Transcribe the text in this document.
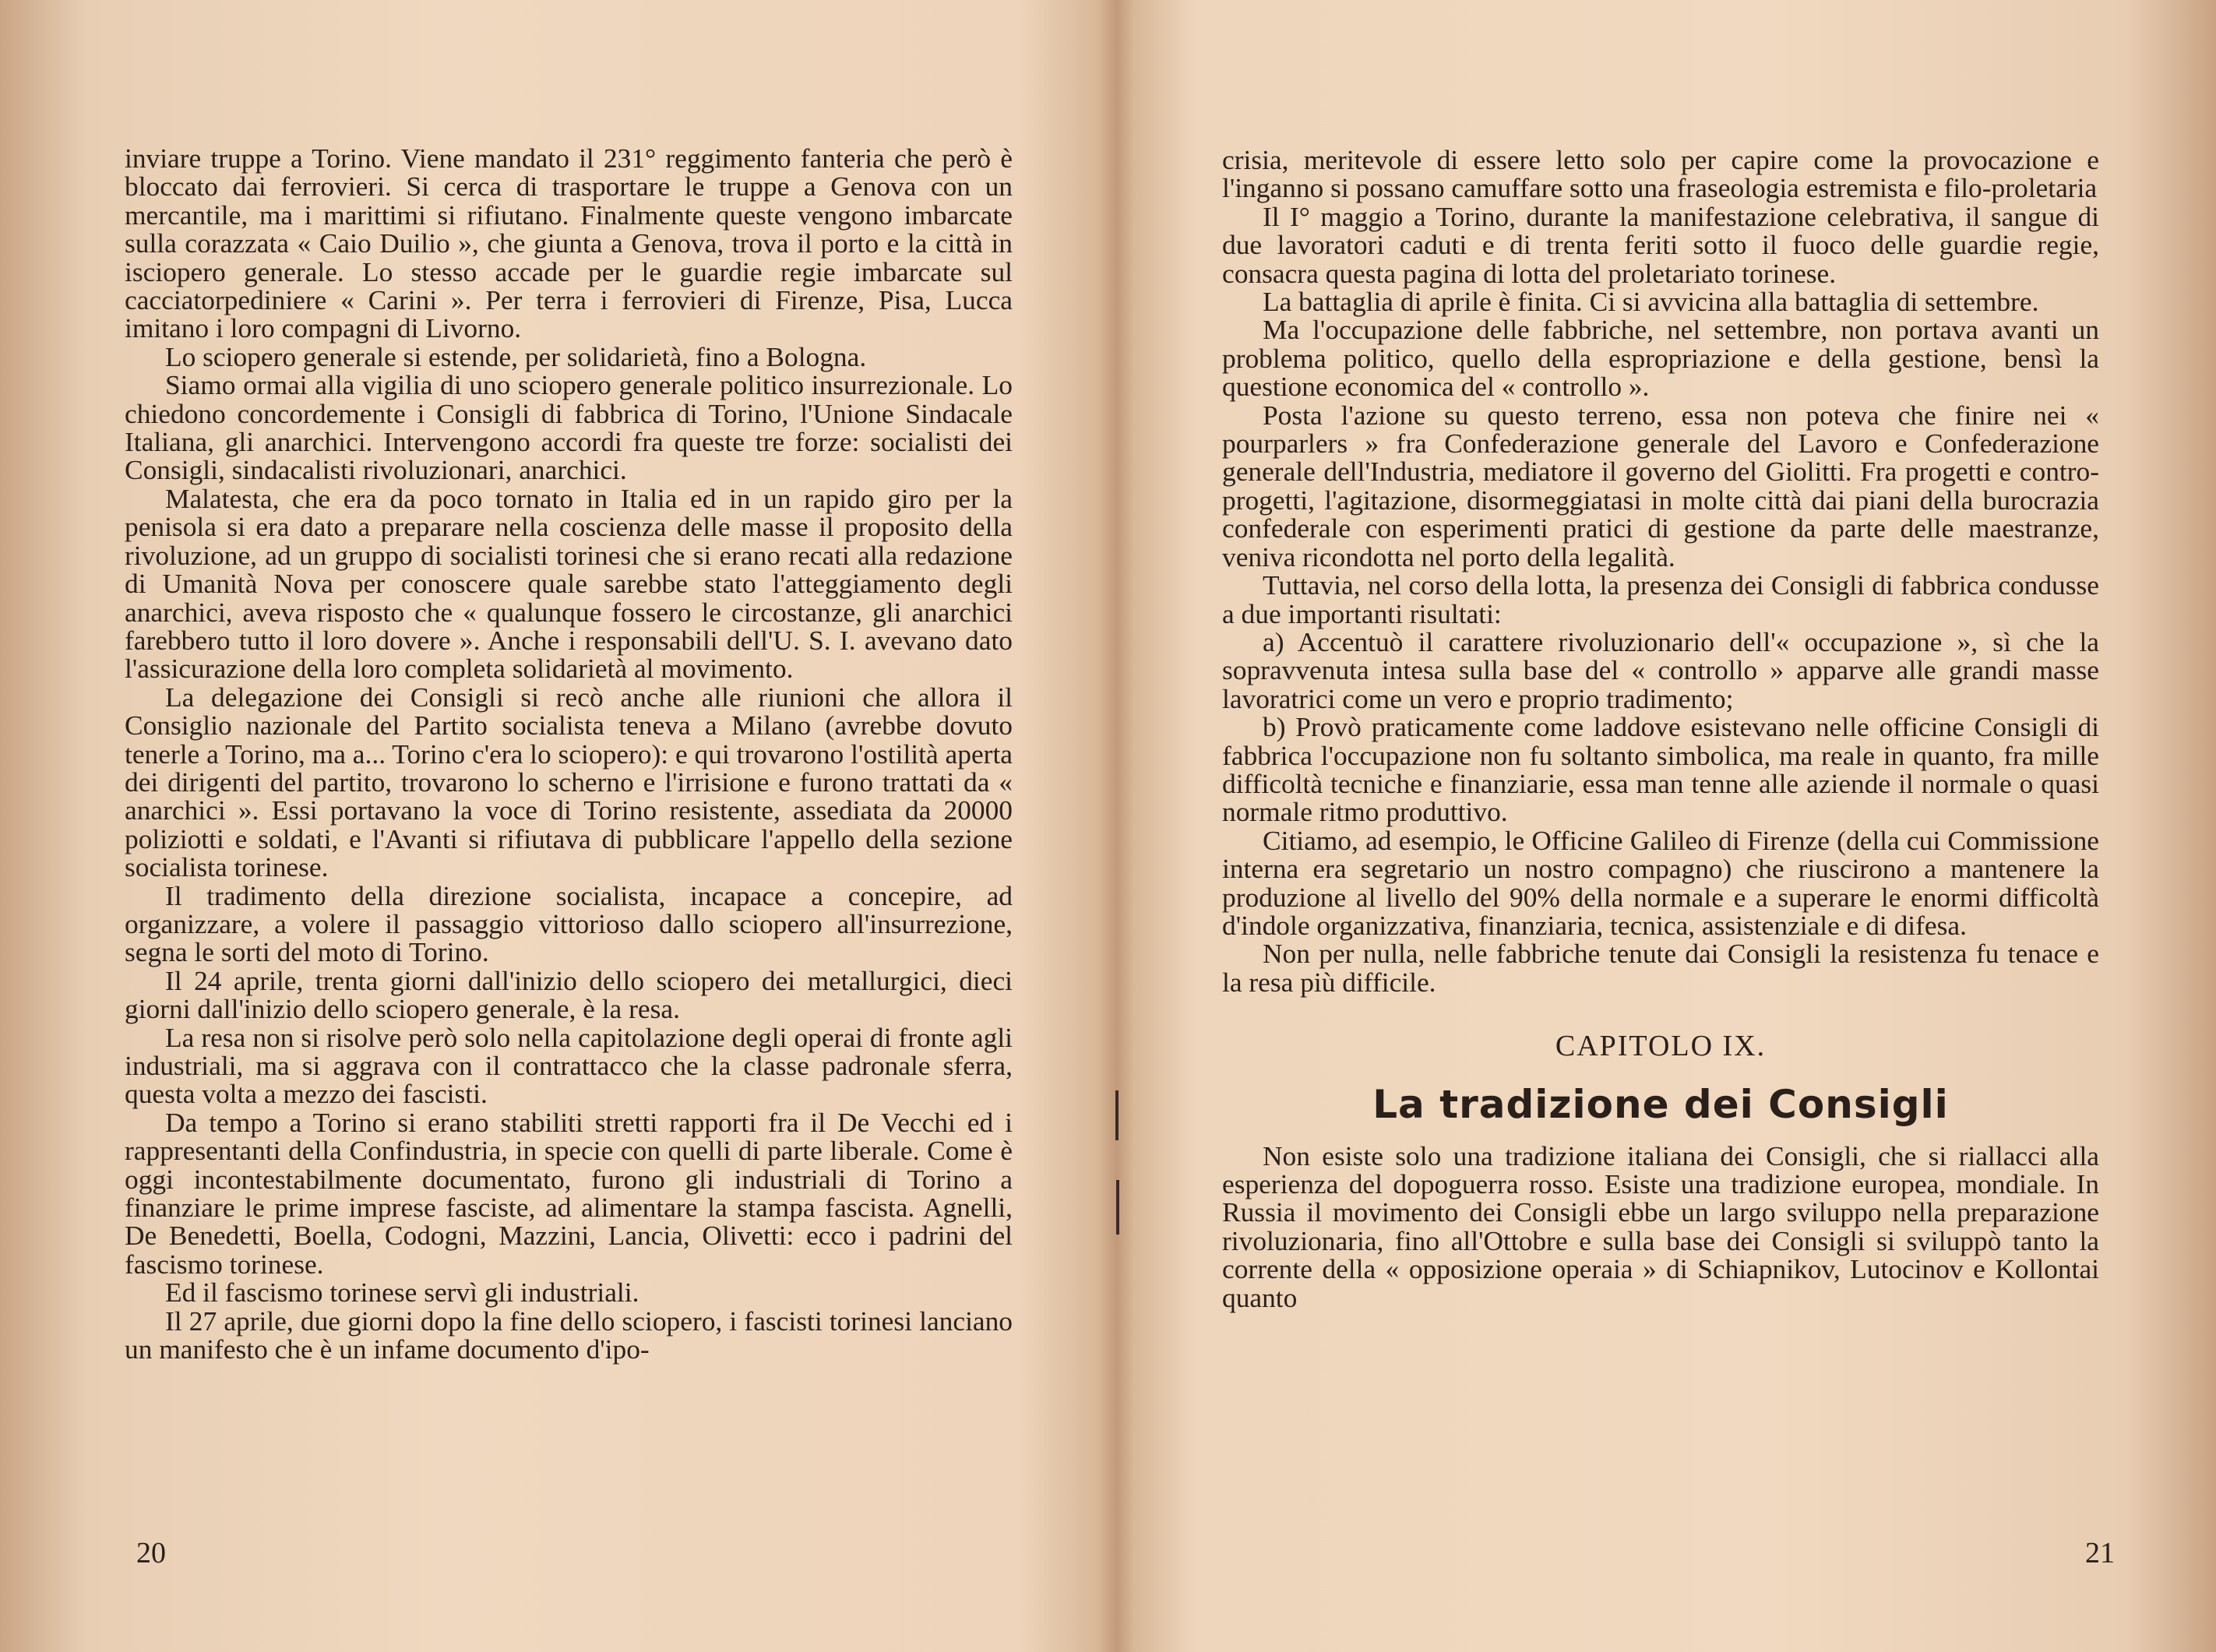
inviare truppe a Torino. Viene mandato il 231° reggimento fanteria che però è bloccato dai ferrovieri. Si cerca di trasportare le truppe a Genova con un mercantile, ma i marittimi si rifiutano. Finalmente queste vengono imbarcate sulla corazzata « Caio Duilio », che giunta a Genova, trova il porto e la città in isciopero generale. Lo stesso accade per le guardie regie imbarcate sul cacciatorpediniere « Carini ». Per terra i ferrovieri di Firenze, Pisa, Lucca imitano i loro compagni di Livorno.

Lo sciopero generale si estende, per solidarietà, fino a Bologna.

Siamo ormai alla vigilia di uno sciopero generale politico insurrezionale. Lo chiedono concordemente i Consigli di fabbrica di Torino, l'Unione Sindacale Italiana, gli anarchici. Intervengono accordi fra queste tre forze: socialisti dei Consigli, sindacalisti rivoluzionari, anarchici.

Malatesta, che era da poco tornato in Italia ed in un rapido giro per la penisola si era dato a preparare nella coscienza delle masse il proposito della rivoluzione, ad un gruppo di socialisti torinesi che si erano recati alla redazione di Umanità Nova per conoscere quale sarebbe stato l'atteggiamento degli anarchici, aveva risposto che « qualunque fossero le circostanze, gli anarchici farebbero tutto il loro dovere ». Anche i responsabili dell'U. S. I. avevano dato l'assicurazione della loro completa solidarietà al movimento.

La delegazione dei Consigli si recò anche alle riunioni che allora il Consiglio nazionale del Partito socialista teneva a Milano (avrebbe dovuto tenerle a Torino, ma a... Torino c'era lo sciopero): e qui trovarono l'ostilità aperta dei dirigenti del partito, trovarono lo scherno e l'irrisione e furono trattati da « anarchici ». Essi portavano la voce di Torino resistente, assediata da 20000 poliziotti e soldati, e l'Avanti si rifiutava di pubblicare l'appello della sezione socialista torinese.

Il tradimento della direzione socialista, incapace a concepire, ad organizzare, a volere il passaggio vittorioso dallo sciopero all'insurrezione, segna le sorti del moto di Torino.

Il 24 aprile, trenta giorni dall'inizio dello sciopero dei metallurgici, dieci giorni dall'inizio dello sciopero generale, è la resa.

La resa non si risolve però solo nella capitolazione degli operai di fronte agli industriali, ma si aggrava con il contrattacco che la classe padronale sferra, questa volta a mezzo dei fascisti.

Da tempo a Torino si erano stabiliti stretti rapporti fra il De Vecchi ed i rappresentanti della Confindustria, in specie con quelli di parte liberale. Come è oggi incontestabilmente documentato, furono gli industriali di Torino a finanziare le prime imprese fasciste, ad alimentare la stampa fascista. Agnelli, De Benedetti, Boella, Codogni, Mazzini, Lancia, Olivetti: ecco i padrini del fascismo torinese.

Ed il fascismo torinese servì gli industriali.

Il 27 aprile, due giorni dopo la fine dello sciopero, i fascisti torinesi lanciano un manifesto che è un infame documento d'ipo-

20

crisia, meritevole di essere letto solo per capire come la provocazione e l'inganno si possano camuffare sotto una fraseologia estremista e filo-proletaria

Il I° maggio a Torino, durante la manifestazione celebrativa, il sangue di due lavoratori caduti e di trenta feriti sotto il fuoco delle guardie regie, consacra questa pagina di lotta del proletariato torinese.

La battaglia di aprile è finita. Ci si avvicina alla battaglia di settembre.

Ma l'occupazione delle fabbriche, nel settembre, non portava avanti un problema politico, quello della espropriazione e della gestione, bensì la questione economica del « controllo ».

Posta l'azione su questo terreno, essa non poteva che finire nei « pourparlers » fra Confederazione generale del Lavoro e Confederazione generale dell'Industria, mediatore il governo del Giolitti. Fra progetti e contro-progetti, l'agitazione, disormeggiatasi in molte città dai piani della burocrazia confederale con esperimenti pratici di gestione da parte delle maestranze, veniva ricondotta nel porto della legalità.

Tuttavia, nel corso della lotta, la presenza dei Consigli di fabbrica condusse a due importanti risultati:

a) Accentuò il carattere rivoluzionario dell'« occupazione », sì che la sopravvenuta intesa sulla base del « controllo » apparve alle grandi masse lavoratrici come un vero e proprio tradimento;

b) Provò praticamente come laddove esistevano nelle officine Consigli di fabbrica l'occupazione non fu soltanto simbolica, ma reale in quanto, fra mille difficoltà tecniche e finanziarie, essa man tenne alle aziende il normale o quasi normale ritmo produttivo.

Citiamo, ad esempio, le Officine Galileo di Firenze (della cui Commissione interna era segretario un nostro compagno) che riuscirono a mantenere la produzione al livello del 90% della normale e a superare le enormi difficoltà d'indole organizzativa, finanziaria, tecnica, assistenziale e di difesa.

Non per nulla, nelle fabbriche tenute dai Consigli la resistenza fu tenace e la resa più difficile.

CAPITOLO IX.

La tradizione dei Consigli

Non esiste solo una tradizione italiana dei Consigli, che si riallacci alla esperienza del dopoguerra rosso. Esiste una tradizione europea, mondiale. In Russia il movimento dei Consigli ebbe un largo sviluppo nella preparazione rivoluzionaria, fino all'Ottobre e sulla base dei Consigli si sviluppò tanto la corrente della « opposizione operaia » di Schiapnikov, Lutocinov e Kollontai quanto

21
